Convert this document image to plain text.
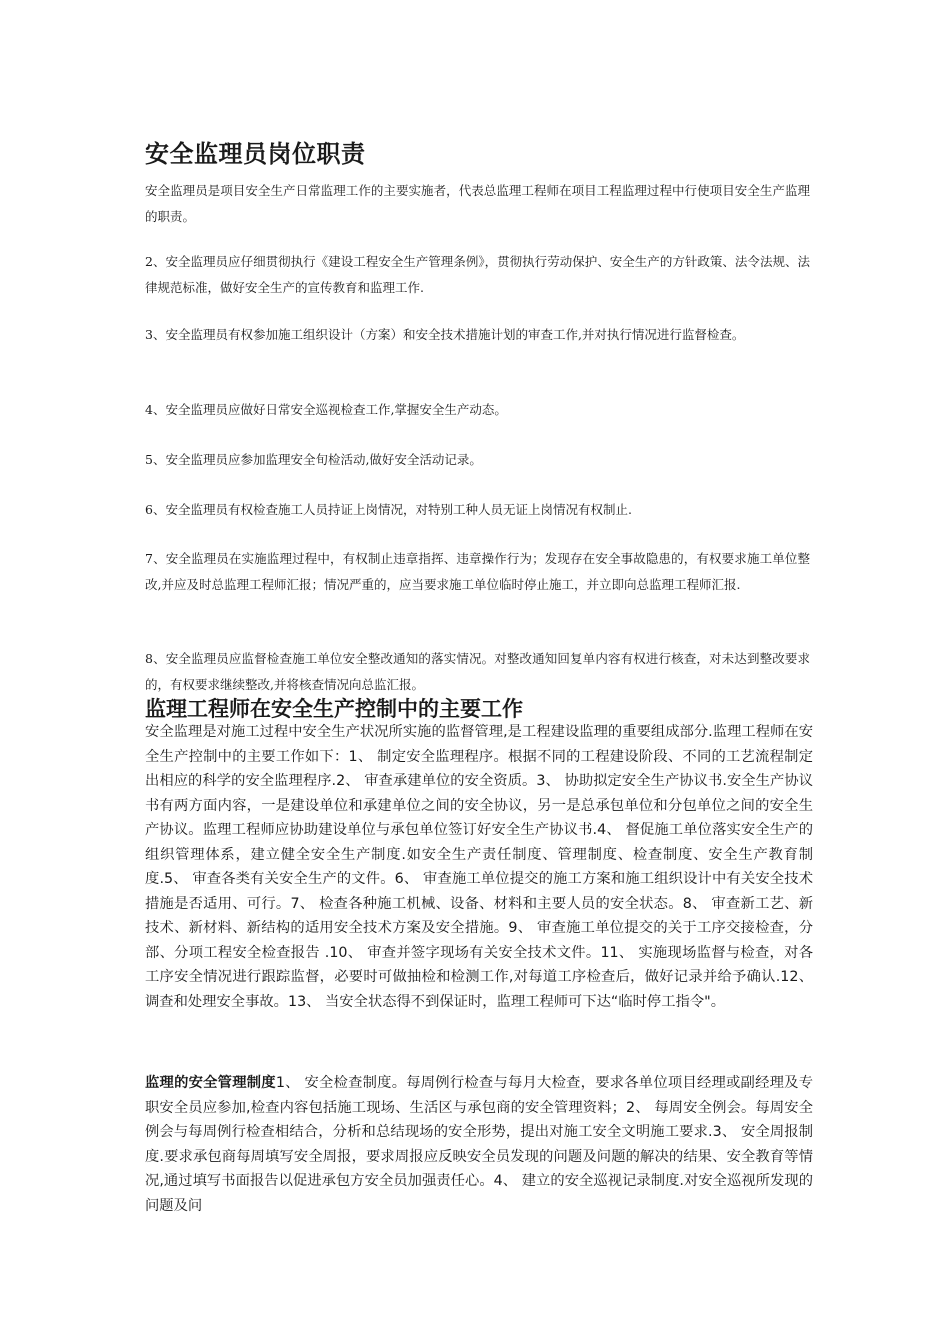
安全监理员岗位职责
安全监理员是项目安全生产日常监理工作的主要实施者，代表总监理工程师在项目工程监理过程中行使项目安全生产监理的职责。
2、安全监理员应仔细贯彻执行《建设工程安全生产管理条例》，贯彻执行劳动保护、安全生产的方针政策、法令法规、法律规范标准，做好安全生产的宣传教育和监理工作.
3、安全监理员有权参加施工组织设计（方案）和安全技术措施计划的审查工作,并对执行情况进行监督检查。
4、安全监理员应做好日常安全巡视检查工作,掌握安全生产动态。
5、安全监理员应参加监理安全旬检活动,做好安全活动记录。
6、安全监理员有权检查施工人员持证上岗情况，对特别工种人员无证上岗情况有权制止.
7、安全监理员在实施监理过程中，有权制止违章指挥、违章操作行为；发现存在安全事故隐患的，有权要求施工单位整改,并应及时总监理工程师汇报；情况严重的，应当要求施工单位临时停止施工，并立即向总监理工程师汇报.
8、安全监理员应监督检查施工单位安全整改通知的落实情况。对整改通知回复单内容有权进行核查，对未达到整改要求的，有权要求继续整改,并将核查情况向总监汇报。
监理工程师在安全生产控制中的主要工作
安全监理是对施工过程中安全生产状况所实施的监督管理,是工程建设监理的重要组成部分.监理工程师在安全生产控制中的主要工作如下：1、 制定安全监理程序。根据不同的工程建设阶段、不同的工艺流程制定出相应的科学的安全监理程序.2、 审查承建单位的安全资质。3、 协助拟定安全生产协议书.安全生产协议书有两方面内容，一是建设单位和承建单位之间的安全协议，另一是总承包单位和分包单位之间的安全生产协议。监理工程师应协助建设单位与承包单位签订好安全生产协议书.4、 督促施工单位落实安全生产的组织管理体系，建立健全安全生产制度.如安全生产责任制度、管理制度、检查制度、安全生产教育制度.5、 审查各类有关安全生产的文件。6、 审查施工单位提交的施工方案和施工组织设计中有关安全技术措施是否适用、可行。7、 检查各种施工机械、设备、材料和主要人员的安全状态。8、 审查新工艺、新技术、新材料、新结构的适用安全技术方案及安全措施。9、 审查施工单位提交的关于工序交接检查，分部、分项工程安全检查报告 .10、 审查并签字现场有关安全技术文件。11、 实施现场监督与检查，对各工序安全情况进行跟踪监督，必要时可做抽检和检测工作,对每道工序检查后，做好记录并给予确认.12、 调查和处理安全事故。13、 当安全状态得不到保证时，监理工程师可下达“临时停工指令"。
监理的安全管理制度1、 安全检查制度。每周例行检查与每月大检查，要求各单位项目经理或副经理及专职安全员应参加,检查内容包括施工现场、生活区与承包商的安全管理资料；2、 每周安全例会。每周安全例会与每周例行检查相结合，分析和总结现场的安全形势，提出对施工安全文明施工要求.3、 安全周报制度.要求承包商每周填写安全周报，要求周报应反映安全员发现的问题及问题的解决的结果、安全教育等情况,通过填写书面报告以促进承包方安全员加强责任心。4、 建立的安全巡视记录制度.对安全巡视所发现的问题及问
